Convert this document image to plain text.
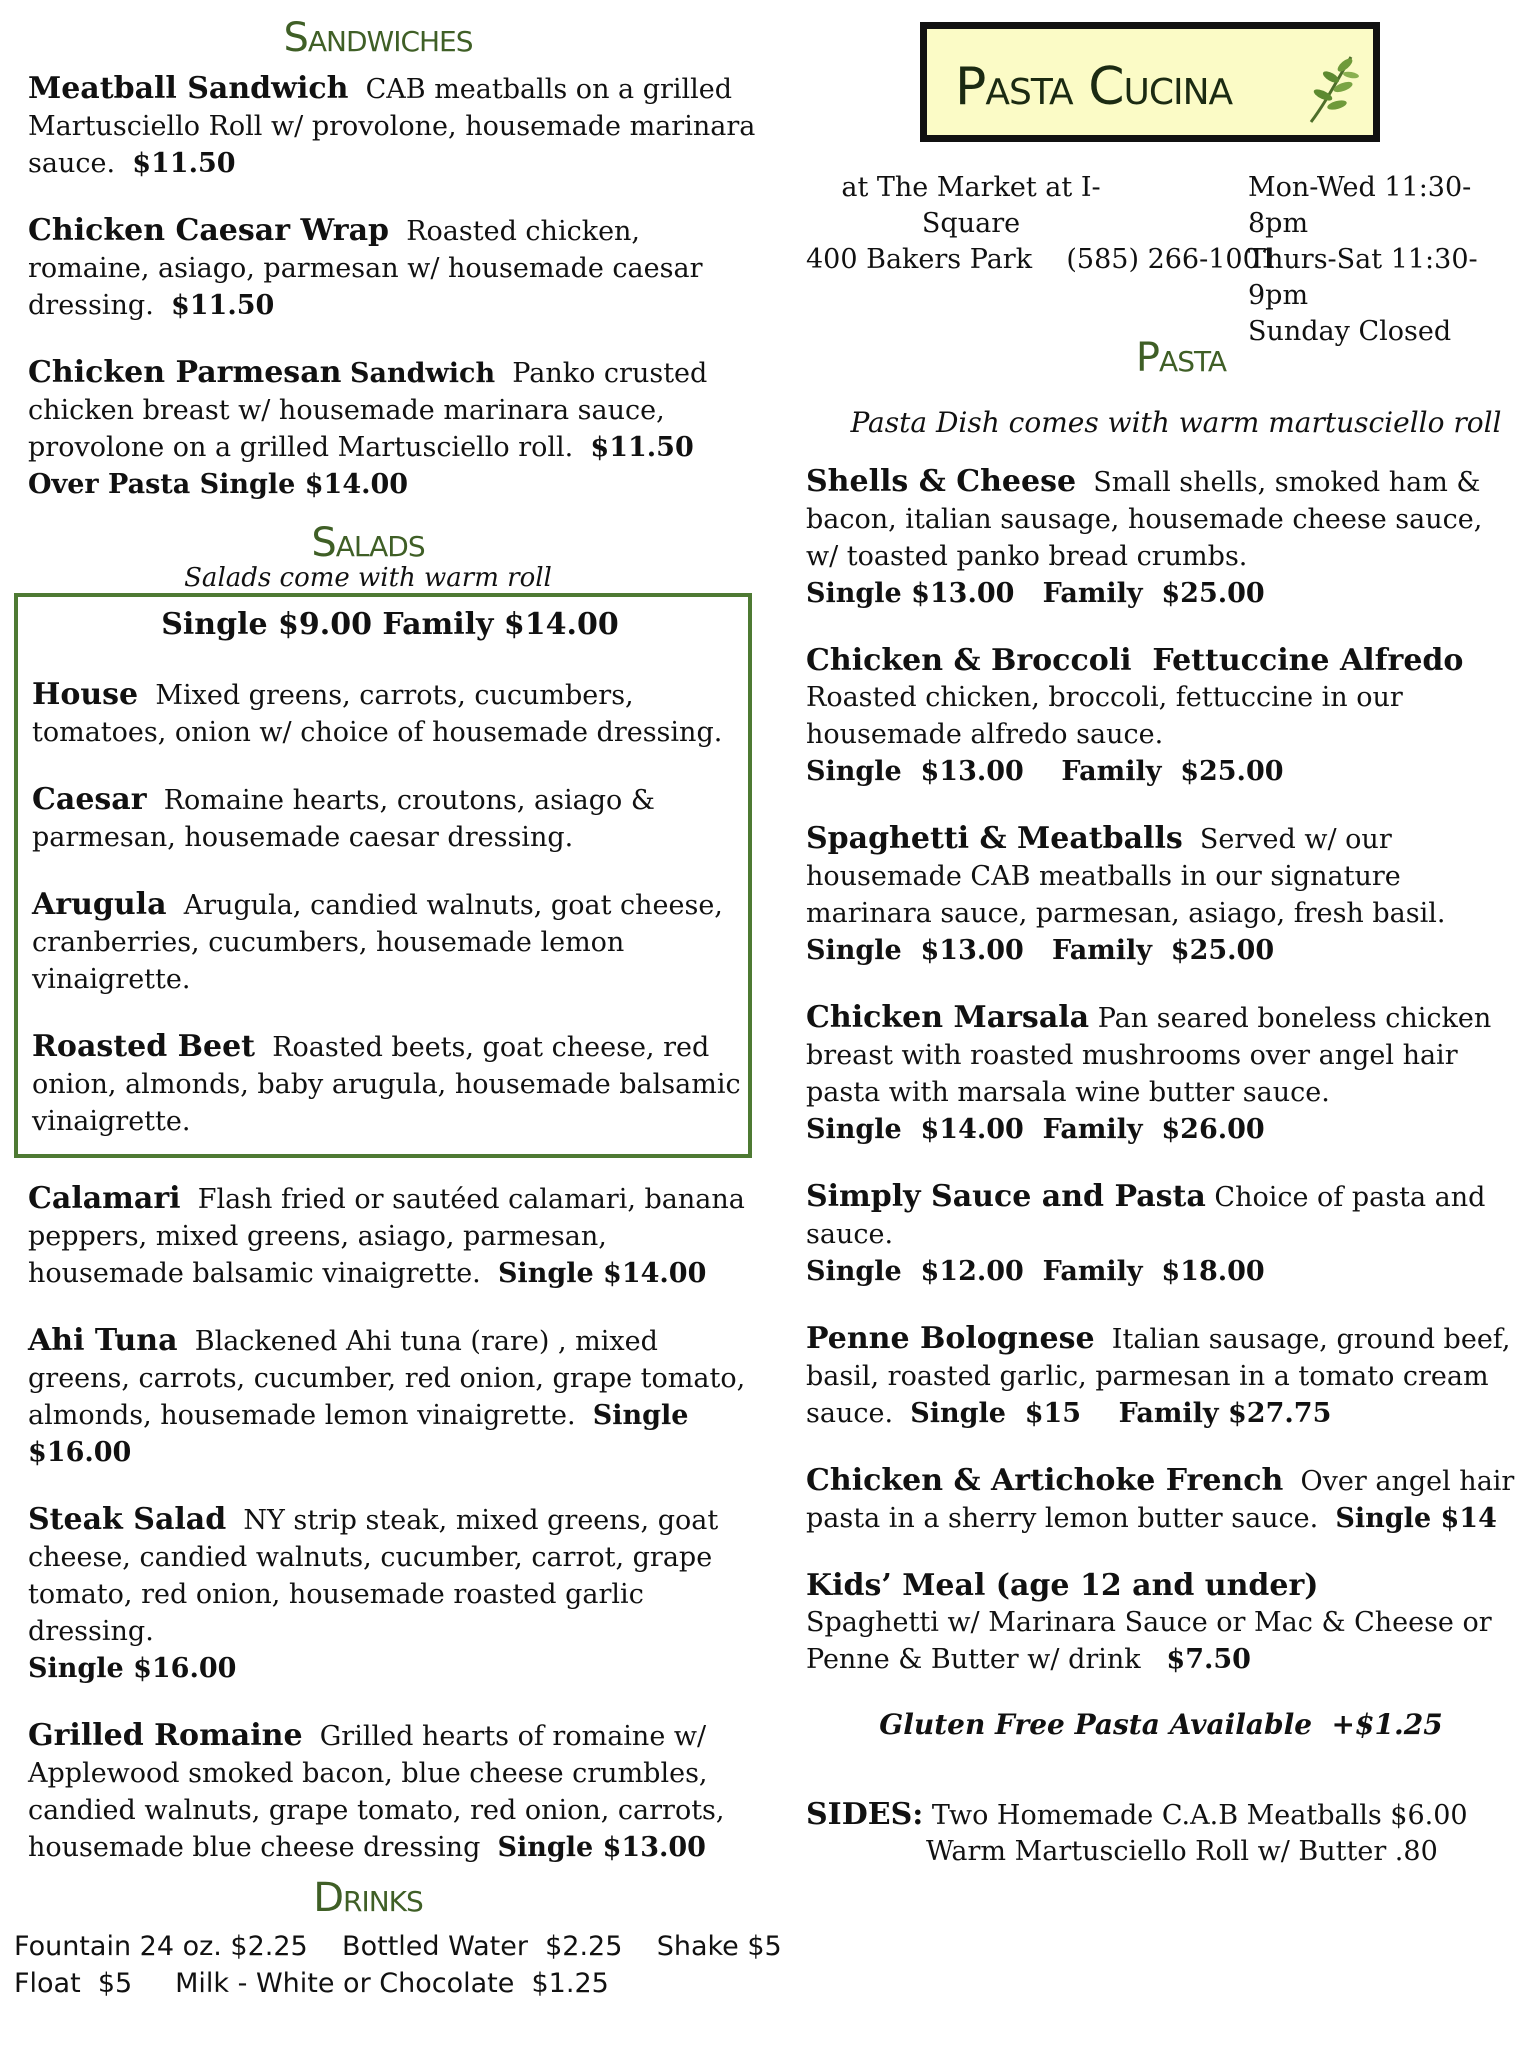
Sandwiches
Meatball Sandwich CAB meatballs on a grilled Martusciello Roll w/ provolone, housemade marinara sauce. $11.50
Chicken Caesar Wrap Roasted chicken, romaine, asiago, parmesan w/ housemade caesar dressing. $11.50
Chicken Parmesan Sandwich Panko crusted chicken breast w/ housemade marinara sauce, provolone on a grilled Martusciello roll. $11.50
Over Pasta Single $14.00
Salads
Salads come with warm roll
Single $9.00 Family $14.00
House Mixed greens, carrots, cucumbers, tomatoes, onion w/ choice of housemade dressing.
Caesar Romaine hearts, croutons, asiago & parmesan, housemade caesar dressing.
Arugula Arugula, candied walnuts, goat cheese, cranberries, cucumbers, housemade lemon vinaigrette.
Roasted Beet Roasted beets, goat cheese, red onion, almonds, baby arugula, housemade balsamic vinaigrette.
Calamari Flash fried or sautéed calamari, banana peppers, mixed greens, asiago, parmesan, housemade balsamic vinaigrette. Single $14.00
Ahi Tuna Blackened Ahi tuna (rare) , mixed greens, carrots, cucumber, red onion, grape tomato, almonds, housemade lemon vinaigrette. Single $16.00
Steak Salad NY strip steak, mixed greens, goat cheese, candied walnuts, cucumber, carrot, grape tomato, red onion, housemade roasted garlic dressing.
Single $16.00
Grilled Romaine Grilled hearts of romaine w/ Applewood smoked bacon, blue cheese crumbles, candied walnuts, grape tomato, red onion, carrots, housemade blue cheese dressing Single $13.00
Drinks
Fountain 24 oz. $2.25    Bottled Water  $2.25    Shake $5
Float  $5     Milk - White or Chocolate  $1.25
Pasta Cucina
at The Market at I-Square
400 Bakers Park    (585) 266-1001
Mon-Wed 11:30-8pm
Thurs-Sat 11:30-9pm
Sunday Closed
Pasta
Pasta Dish comes with warm martusciello roll
Shells & Cheese Small shells, smoked ham & bacon, italian sausage, housemade cheese sauce, w/ toasted panko bread crumbs.
Single $13.00   Family  $25.00
Chicken & Broccoli  Fettuccine Alfredo
Roasted chicken, broccoli, fettuccine in our housemade alfredo sauce.
Single  $13.00    Family  $25.00
Spaghetti & Meatballs Served w/ our housemade CAB meatballs in our signature marinara sauce, parmesan, asiago, fresh basil.
Single  $13.00   Family  $25.00
Chicken Marsala Pan seared boneless chicken breast with roasted mushrooms over angel hair pasta with marsala wine butter sauce.
Single  $14.00  Family  $26.00
Simply Sauce and Pasta Choice of pasta and sauce.
Single  $12.00  Family  $18.00
Penne Bolognese Italian sausage, ground beef, basil, roasted garlic, parmesan in a tomato cream sauce. Single  $15    Family $27.75
Chicken & Artichoke French Over angel hair pasta in a sherry lemon butter sauce. Single $14
Kids’ Meal (age 12 and under)
Spaghetti w/ Marinara Sauce or Mac & Cheese or Penne & Butter w/ drink $7.50
Gluten Free Pasta Available  +$1.25
SIDES: Two Homemade C.A.B Meatballs $6.00
Warm Martusciello Roll w/ Butter .80
